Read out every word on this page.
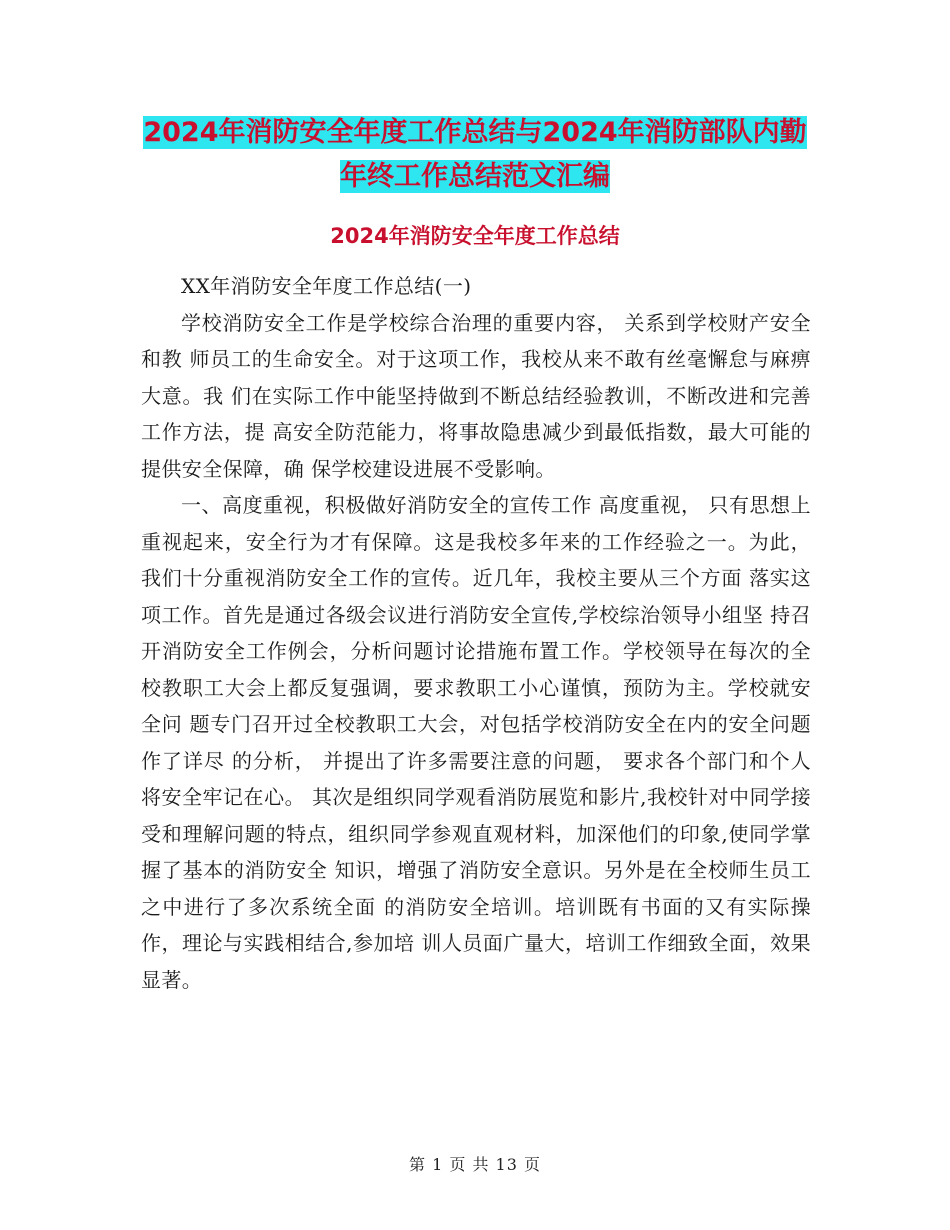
2024年消防安全年度工作总结与2024年消防部队内勤
年终工作总结范文汇编
2024年消防安全年度工作总结

XX年消防安全年度工作总结(一)

学校消防安全工作是学校综合治理的重要内容， 关系到学校财产安全和教 师员工的生命安全。对于这项工作，我校从来不敢有丝毫懈怠与麻痹大意。我 们在实际工作中能坚持做到不断总结经验教训，不断改进和完善工作方法，提 高安全防范能力，将事故隐患减少到最低指数，最大可能的提供安全保障，确 保学校建设进展不受影响。

一、高度重视，积极做好消防安全的宣传工作 高度重视， 只有思想上重视起来，安全行为才有保障。这是我校多年来的工作经验之一。为此，我们十分重视消防安全工作的宣传。近几年，我校主要从三个方面 落实这项工作。首先是通过各级会议进行消防安全宣传,学校综治领导小组坚 持召开消防安全工作例会，分析问题讨论措施布置工作。学校领导在每次的全 校教职工大会上都反复强调，要求教职工小心谨慎，预防为主。学校就安全问 题专门召开过全校教职工大会，对包括学校消防安全在内的安全问题作了详尽 的分析， 并提出了许多需要注意的问题， 要求各个部门和个人将安全牢记在心。 其次是组织同学观看消防展览和影片,我校针对中同学接受和理解问题的特点，组织同学参观直观材料，加深他们的印象,使同学掌握了基本的消防安全 知识，增强了消防安全意识。另外是在全校师生员工之中进行了多次系统全面 的消防安全培训。培训既有书面的又有实际操作，理论与实践相结合,参加培 训人员面广量大，培训工作细致全面，效果显著。

第 1 页 共 13 页
